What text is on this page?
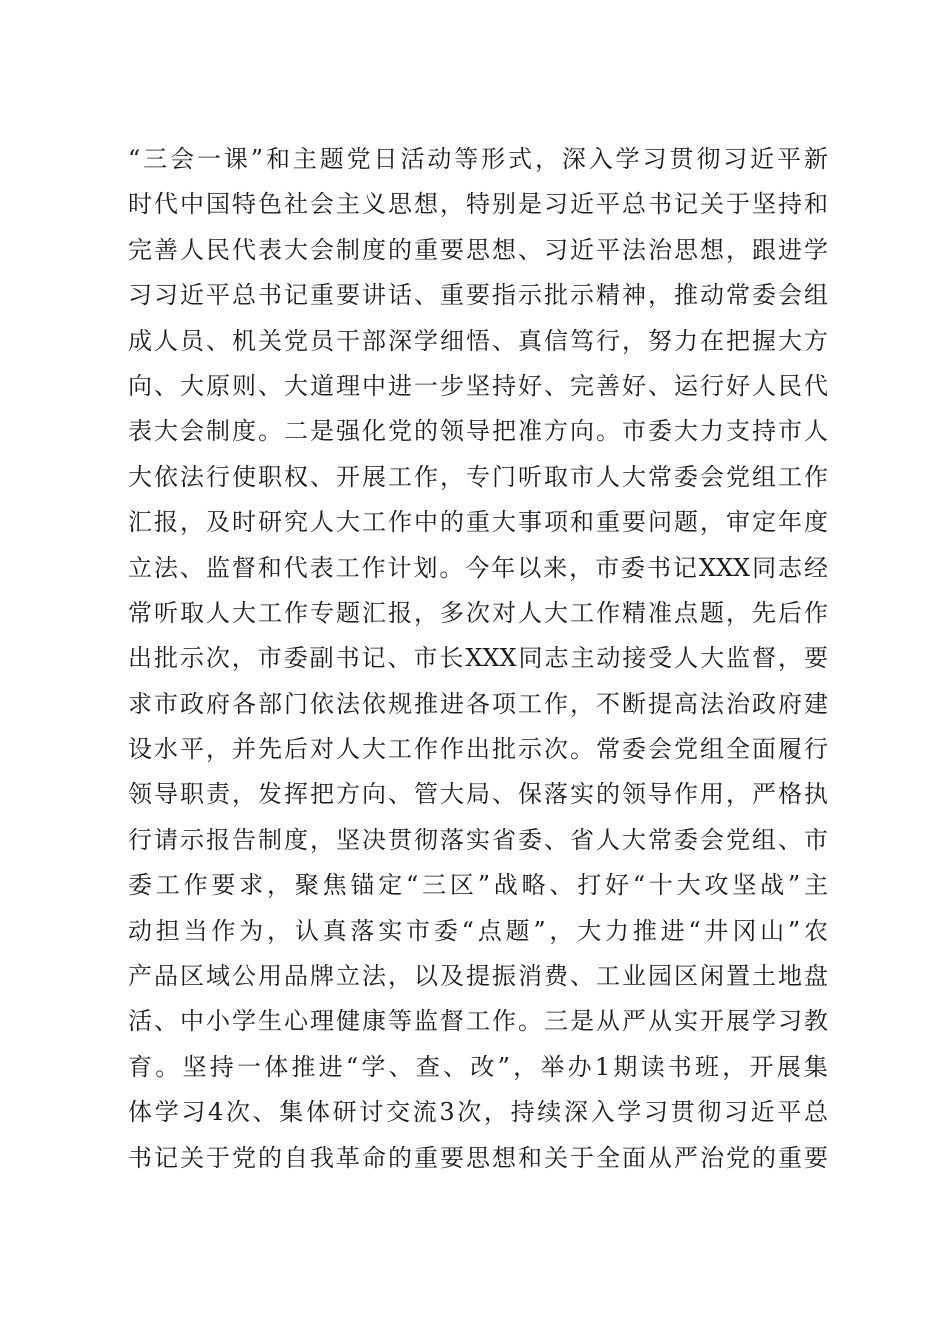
“三会一课”和主题党日活动等形式，深入学习贯彻习近平新
时代中国特色社会主义思想，特别是习近平总书记关于坚持和
完善人民代表大会制度的重要思想、习近平法治思想，跟进学
习习近平总书记重要讲话、重要指示批示精神，推动常委会组
成人员、机关党员干部深学细悟、真信笃行，努力在把握大方
向、大原则、大道理中进一步坚持好、完善好、运行好人民代
表大会制度。二是强化党的领导把准方向。市委大力支持市人
大依法行使职权、开展工作，专门听取市人大常委会党组工作
汇报，及时研究人大工作中的重大事项和重要问题，审定年度
立法、监督和代表工作计划。今年以来，市委书记XXX同志经
常听取人大工作专题汇报，多次对人大工作精准点题，先后作
出批示次，市委副书记、市长XXX同志主动接受人大监督，要
求市政府各部门依法依规推进各项工作，不断提高法治政府建
设水平，并先后对人大工作作出批示次。常委会党组全面履行
领导职责，发挥把方向、管大局、保落实的领导作用，严格执
行请示报告制度，坚决贯彻落实省委、省人大常委会党组、市
委工作要求，聚焦锚定“三区”战略、打好“十大攻坚战”主
动担当作为，认真落实市委“点题”，大力推进“井冈山”农
产品区域公用品牌立法，以及提振消费、工业园区闲置土地盘
活、中小学生心理健康等监督工作。三是从严从实开展学习教
育。坚持一体推进“学、查、改”，举办1期读书班，开展集
体学习4次、集体研讨交流3次，持续深入学习贯彻习近平总
书记关于党的自我革命的重要思想和关于全面从严治党的重要
